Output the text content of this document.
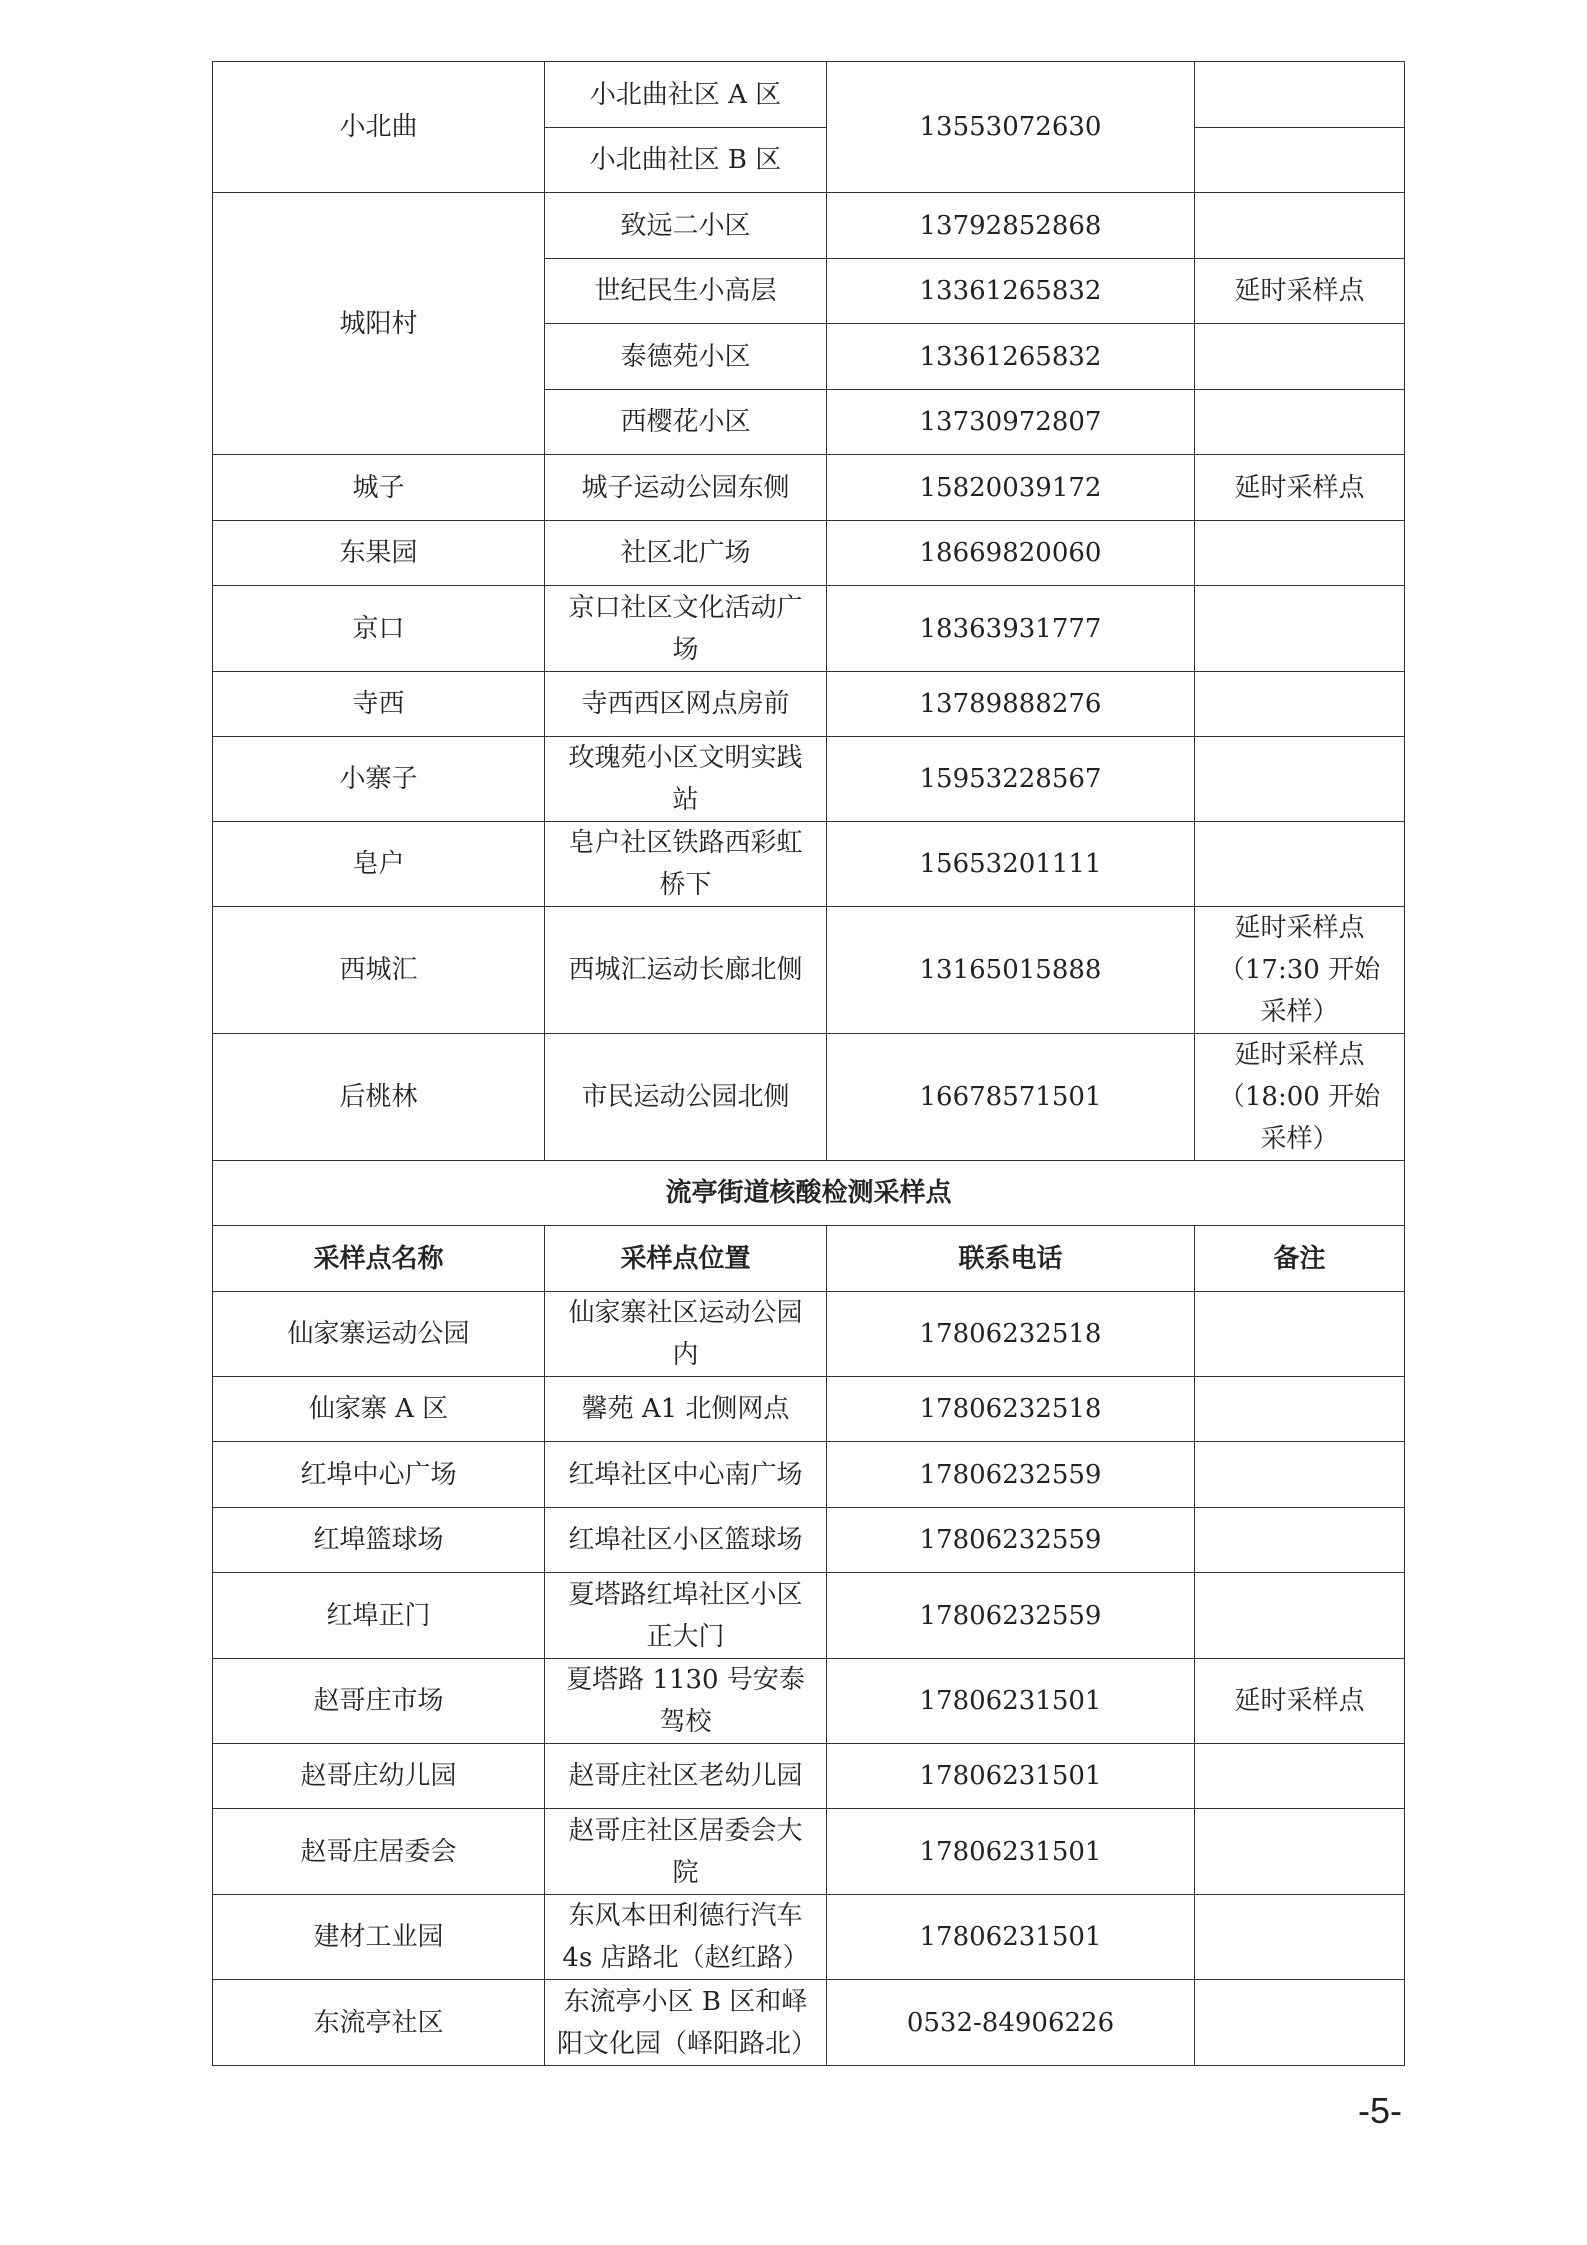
小北曲	小北曲社区 A 区	13553072630	
	小北曲社区 B 区		
城阳村	致远二小区	13792852868	
	世纪民生小高层	13361265832	延时采样点
	泰德苑小区	13361265832	
	西樱花小区	13730972807	
城子	城子运动公园东侧	15820039172	延时采样点
东果园	社区北广场	18669820060	
京口	京口社区文化活动广场	18363931777	
寺西	寺西西区网点房前	13789888276	
小寨子	玫瑰苑小区文明实践站	15953228567	
皂户	皂户社区铁路西彩虹桥下	15653201111	
西城汇	西城汇运动长廊北侧	13165015888	延时采样点（17:30 开始采样）
后桃林	市民运动公园北侧	16678571501	延时采样点（18:00 开始采样）
流亭街道核酸检测采样点			
采样点名称	采样点位置	联系电话	备注
仙家寨运动公园	仙家寨社区运动公园内	17806232518	
仙家寨 A 区	馨苑 A1 北侧网点	17806232518	
红埠中心广场	红埠社区中心南广场	17806232559	
红埠篮球场	红埠社区小区篮球场	17806232559	
红埠正门	夏塔路红埠社区小区正大门	17806232559	
赵哥庄市场	夏塔路 1130 号安泰驾校	17806231501	延时采样点
赵哥庄幼儿园	赵哥庄社区老幼儿园	17806231501	
赵哥庄居委会	赵哥庄社区居委会大院	17806231501	
建材工业园	东风本田利德行汽车4s 店路北（赵红路）	17806231501	
东流亭社区	东流亭小区 B 区和峄阳文化园（峄阳路北）	0532-84906226	
-5-
